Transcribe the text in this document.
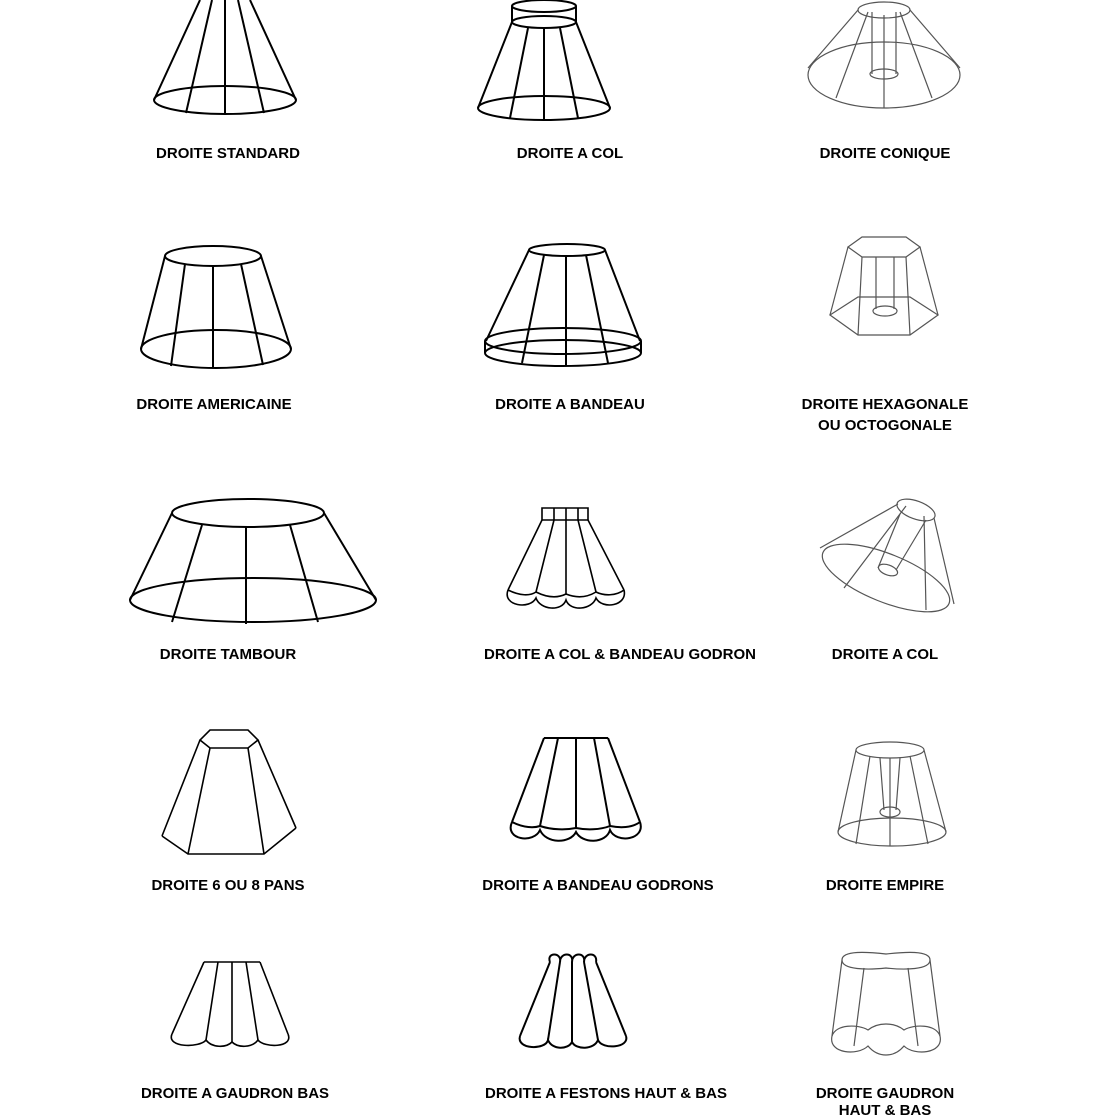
DROITE STANDARD	DROITE A COL	DROITE CONIQUE
DROITE AMERICAINE	DROITE A BANDEAU	DROITE HEXAGONALE
OU OCTOGONALE
DROITE TAMBOUR	DROITE A COL & BANDEAU GODRON	DROITE A COL
DROITE 6 OU 8 PANS	DROITE A BANDEAU GODRONS	DROITE EMPIRE
DROITE A GAUDRON BAS	DROITE A FESTONS HAUT & BAS	DROITE GAUDRON
HAUT & BAS
